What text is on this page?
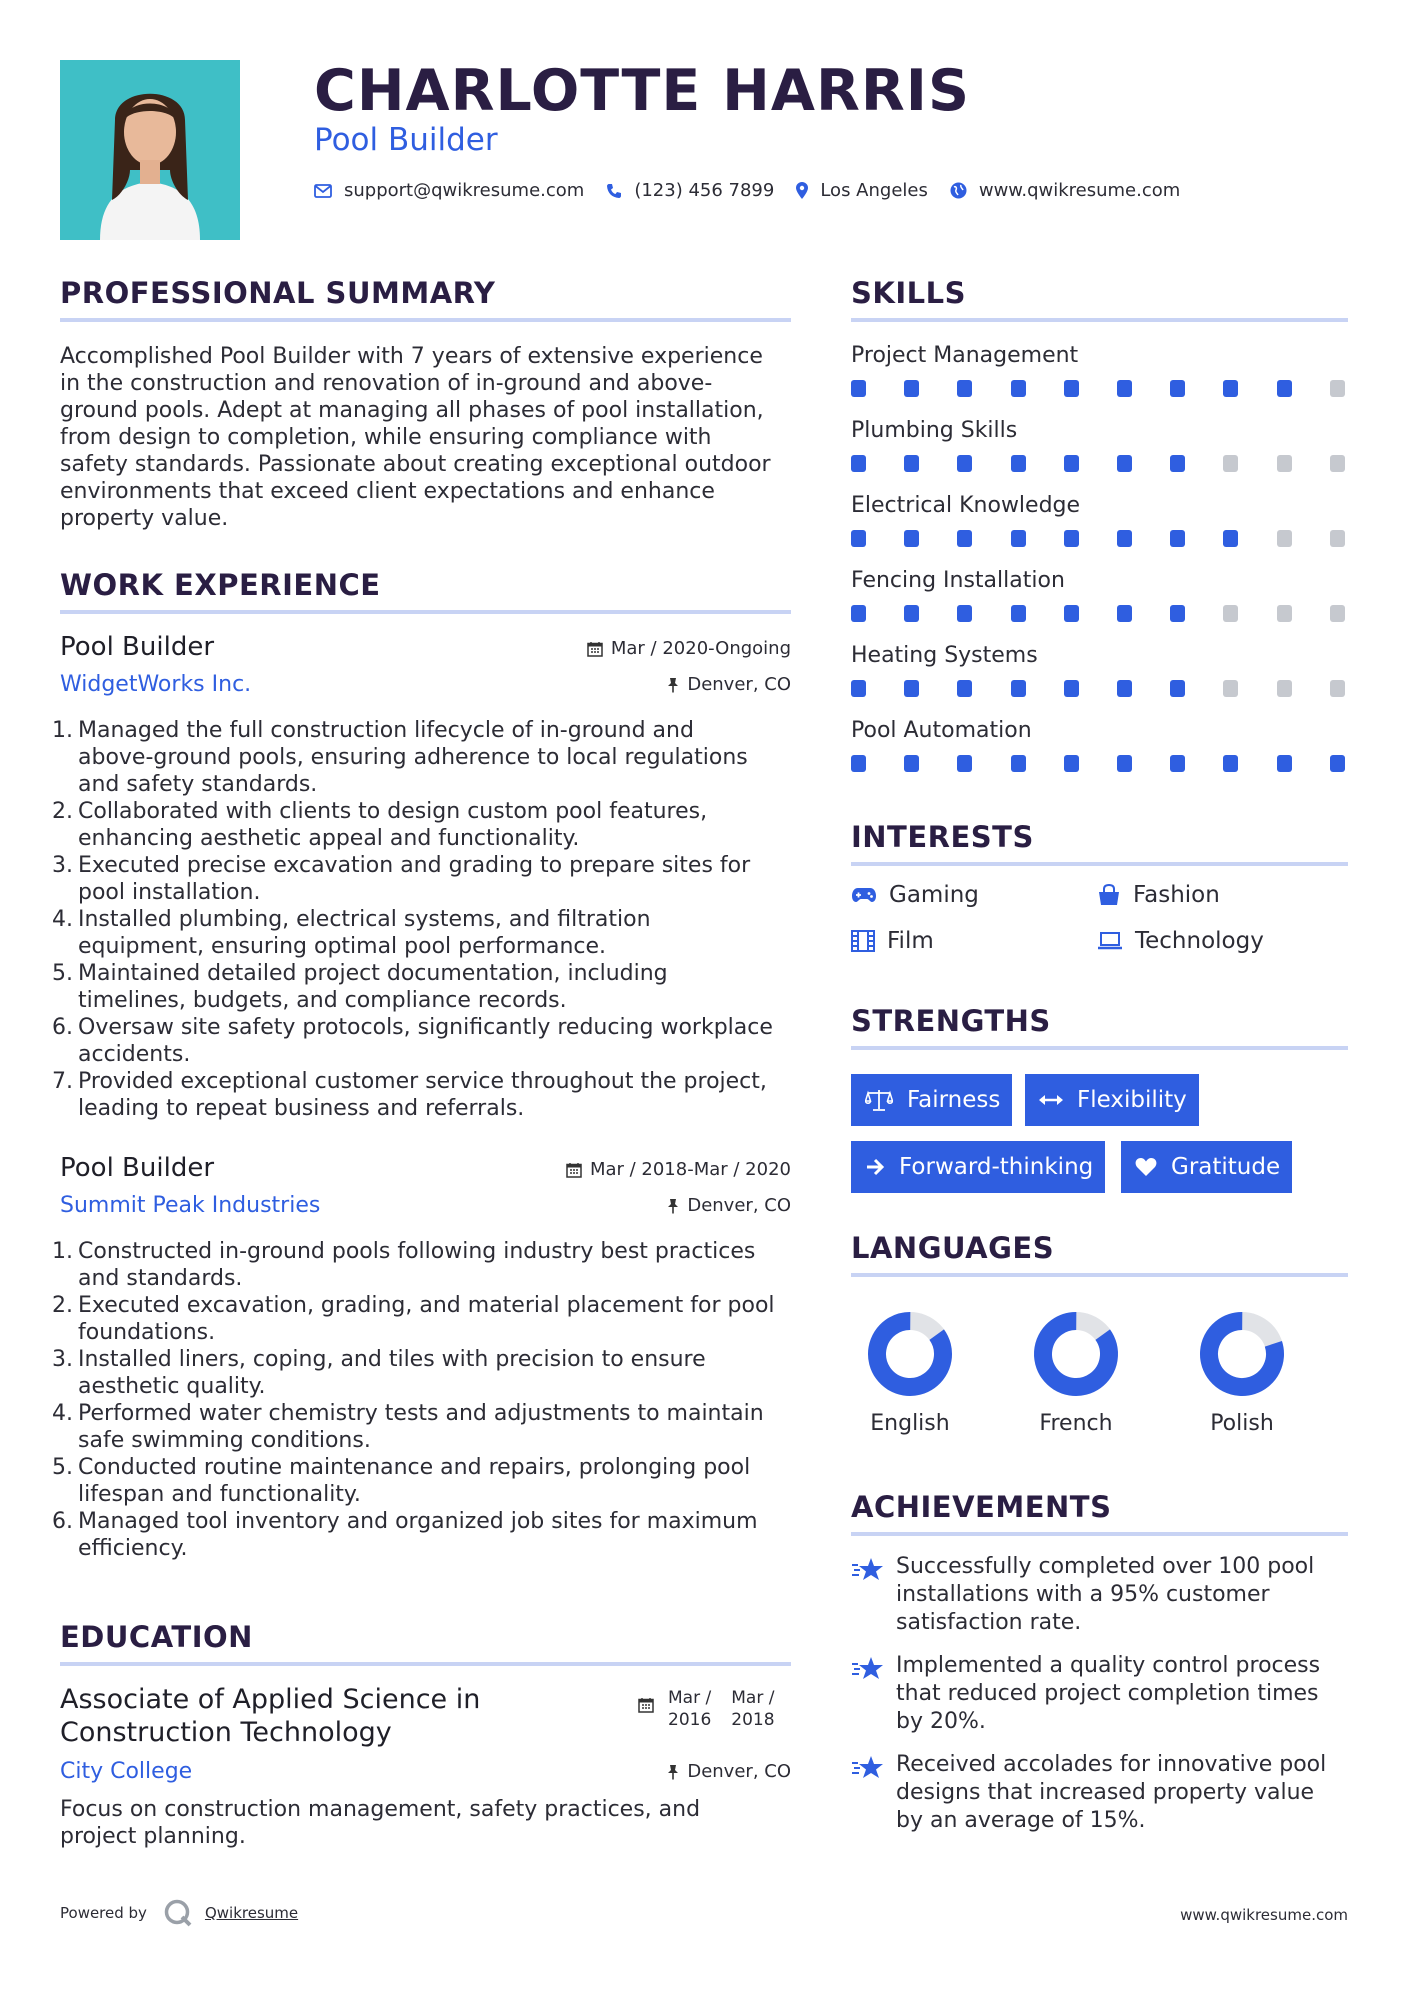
CHARLOTTE HARRIS
Pool Builder
support@qwikresume.com	(123) 456 7899	Los Angeles	www.qwikresume.com
PROFESSIONAL SUMMARY
Accomplished Pool Builder with 7 years of extensive experience
in the construction and renovation of in-ground and above-
ground pools. Adept at managing all phases of pool installation,
from design to completion, while ensuring compliance with
safety standards. Passionate about creating exceptional outdoor
environments that exceed client expectations and enhance
property value.
WORK EXPERIENCE
Pool Builder
WidgetWorks Inc.
Mar / 2020-Ongoing
Denver, CO
1. Managed the full construction lifecycle of in-ground and
above-ground pools, ensuring adherence to local regulations
and safety standards.
2. Collaborated with clients to design custom pool features,
enhancing aesthetic appeal and functionality.
3. Executed precise excavation and grading to prepare sites for
pool installation.
4. Installed plumbing, electrical systems, and filtration
equipment, ensuring optimal pool performance.
5. Maintained detailed project documentation, including
timelines, budgets, and compliance records.
6. Oversaw site safety protocols, significantly reducing workplace
accidents.
7. Provided exceptional customer service throughout the project,
leading to repeat business and referrals.
Pool Builder
Summit Peak Industries
Mar / 2018-Mar / 2020
Denver, CO
1. Constructed in-ground pools following industry best practices
and standards.
2. Executed excavation, grading, and material placement for pool
foundations.
3. Installed liners, coping, and tiles with precision to ensure
aesthetic quality.
4. Performed water chemistry tests and adjustments to maintain
safe swimming conditions.
5. Conducted routine maintenance and repairs, prolonging pool
lifespan and functionality.
6. Managed tool inventory and organized job sites for maximum
efficiency.
EDUCATION
Associate of Applied Science in
Construction Technology
City College
Mar /
2016
Mar /
2018
Denver, CO
Focus on construction management, safety practices, and
project planning.
SKILLS
Project Management
Plumbing Skills
Electrical Knowledge
Fencing Installation
Heating Systems
Pool Automation
INTERESTS
Gaming	Fashion
Film	Technology
STRENGTHS
Fairness	Flexibility
Forward-thinking	Gratitude
LANGUAGES
English	French	Polish
ACHIEVEMENTS
Successfully completed over 100 pool
installations with a 95% customer
satisfaction rate.
Implemented a quality control process
that reduced project completion times
by 20%.
Received accolades for innovative pool
designs that increased property value
by an average of 15%.
Powered by	Qwikresume	www.qwikresume.com
